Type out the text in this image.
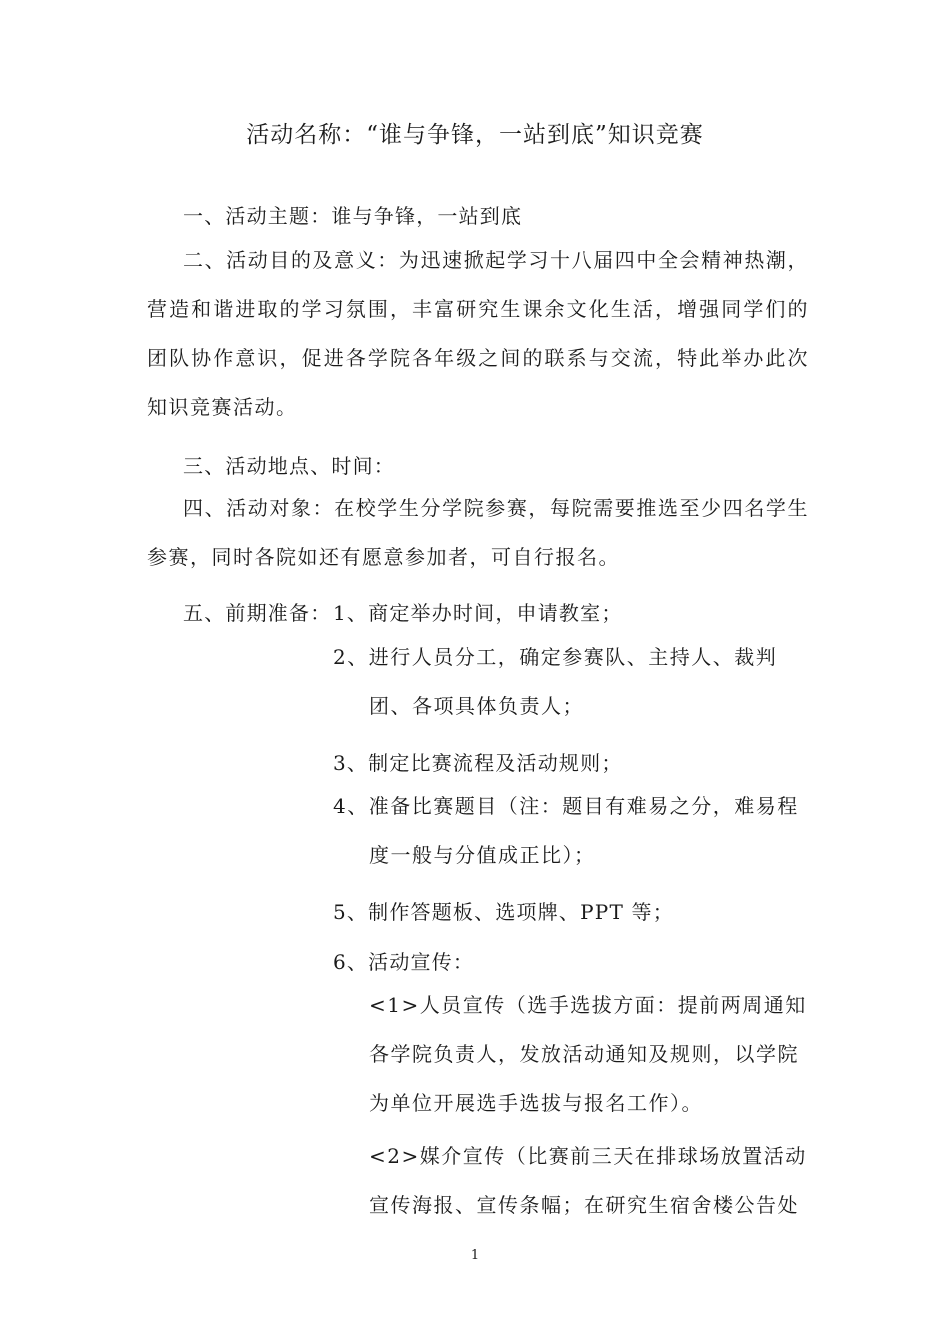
活动名称：“谁与争锋，一站到底”知识竞赛
一、活动主题：谁与争锋，一站到底
二、活动目的及意义：为迅速掀起学习十八届四中全会精神热潮，营造和谐进取的学习氛围，丰富研究生课余文化生活，增强同学们的团队协作意识，促进各学院各年级之间的联系与交流，特此举办此次知识竞赛活动。
三、活动地点、时间：
四、活动对象：在校学生分学院参赛，每院需要推选至少四名学生参赛，同时各院如还有愿意参加者，可自行报名。
五、前期准备： 1、商定举办时间，申请教室；
2、进行人员分工，确定参赛队、主持人、裁判团、各项具体负责人；
3、制定比赛流程及活动规则；
4、准备比赛题目（注：题目有难易之分，难易程度一般与分值成正比）；
5、制作答题板、选项牌、PPT 等；
6、活动宣传：
<1>人员宣传（选手选拔方面：提前两周通知各学院负责人，发放活动通知及规则，以学院为单位开展选手选拔与报名工作）。
<2>媒介宣传（比赛前三天在排球场放置活动宣传海报、宣传条幅；在研究生宿舍楼公告处
1
